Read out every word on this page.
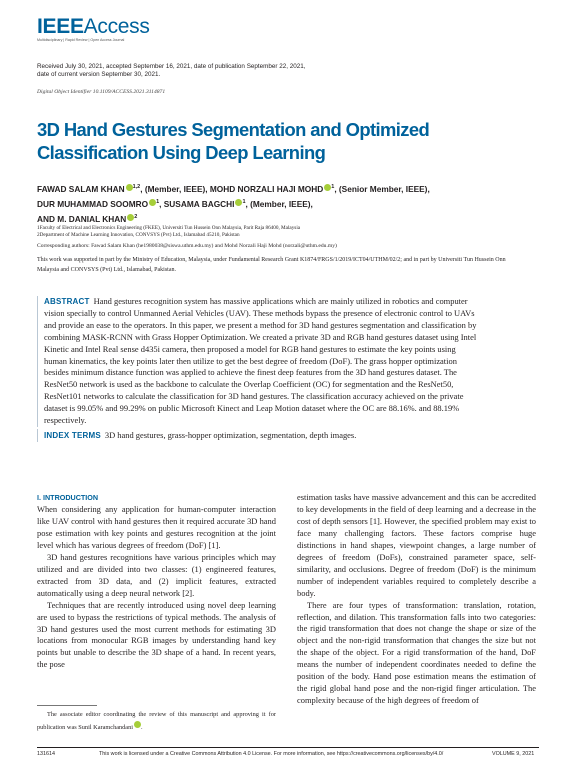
IEEEAccess
Multidisciplinary | Rapid Review | Open Access Journal
Received July 30, 2021, accepted September 16, 2021, date of publication September 22, 2021,
date of current version September 30, 2021.
Digital Object Identifier 10.1109/ACCESS.2021.3114871
3D Hand Gestures Segmentation and Optimized Classification Using Deep Learning
FAWAD SALAM KHAN $^{1,2}$, (Member, IEEE), MOHD NORZALI HAJI MOHD $^1$, (Senior Member, IEEE),
DUR MUHAMMAD SOOMRO $^1$, SUSAMA BAGCHI $^1$, (Member, IEEE),
AND M. DANIAL KHAN $^2$
1Faculty of Electrical and Electronics Engineering (FKEE), Universiti Tun Hussein Onn Malaysia, Parit Raja 86400, Malaysia
2Department of Machine Learning Innovation, CONVSYS (Pvt) Ltd., Islamabad 45210, Pakistan
Corresponding authors: Fawad Salam Khan (he1980038@siswa.uthm.edu.my) and Mohd Norzali Haji Mohd (norzali@uthm.edu.my)
This work was supported in part by the Ministry of Education, Malaysia, under Fundamental Research Grant K1874/FRGS/1/2019/ICT04/UTHM/02/2; and in part by Universiti Tun Hussein Onn Malaysia and CONVSYS (Pvt) Ltd., Islamabad, Pakistan.
ABSTRACT Hand gestures recognition system has massive applications which are mainly utilized in robotics and computer vision specially to control Unmanned Aerial Vehicles (UAV). These methods bypass the presence of electronic control to UAVs and provide an ease to the operators. In this paper, we present a method for 3D hand gestures segmentation and classification by combining MASK-RCNN with Grass Hopper Optimization. We created a private 3D and RGB hand gestures dataset using Intel Kinetic and Intel Real sense d435i camera, then proposed a model for RGB hand gestures to estimate the key points using human kinematics, the key points later then utilize to get the best degree of freedom (DoF). The grass hopper optimization besides minimum distance function was applied to achieve the finest deep features from the 3D hand gestures dataset. The ResNet50 network is used as the backbone to calculate the Overlap Coefficient (OC) for segmentation and the ResNet50, ResNet101 networks to calculate the classification for 3D hand gestures. The classification accuracy achieved on the private dataset is 99.05% and 99.29% on public Microsoft Kinect and Leap Motion dataset where the OC are 88.16%. and 88.19% respectively.
INDEX TERMS 3D hand gestures, grass-hopper optimization, segmentation, depth images.
I. INTRODUCTION

When considering any application for human-computer interaction like UAV control with hand gestures then it required accurate 3D hand pose estimation with key points and gestures recognition at the joint level which has various degrees of freedom (DoF) [1].

3D hand gestures recognitions have various principles which may utilized and are divided into two classes: (1) engineered features, extracted from 3D data, and (2) implicit features, extracted automatically using a deep neural network [2].

Techniques that are recently introduced using novel deep learning are used to bypass the restrictions of typical methods. The analysis of 3D hand gestures used the most current methods for estimating 3D locations from monocular RGB images by understanding hand key points but unable to describe the 3D shape of a hand. In recent years, the pose

estimation tasks have massive advancement and this can be accredited to key developments in the field of deep learning and a decrease in the cost of depth sensors [1]. However, the specified problem may exist to face many challenging factors. These factors comprise huge distinctions in hand shapes, viewpoint changes, a large number of degrees of freedom (DoFs), constrained parameter space, self-similarity, and occlusions. Degree of freedom (DoF) is the minimum number of independent variables required to completely describe a body.

There are four types of transformation: translation, rotation, reflection, and dilation. This transformation falls into two categories: the rigid transformation that does not change the shape or size of the object and the non-rigid transformation that changes the size but not the shape of the object. For a rigid transformation of the hand, DoF means the number of independent coordinates needed to define the position of the body. Hand pose estimation means the estimation of the rigid global hand pose and the non-rigid finger articulation. The complexity because of the high degrees of freedom of

The associate editor coordinating the review of this manuscript and approving it for publication was Sunil Karamchandani .
131614	This work is licensed under a Creative Commons Attribution 4.0 License. For more information, see https://creativecommons.org/licenses/by/4.0/	VOLUME 9, 2021
